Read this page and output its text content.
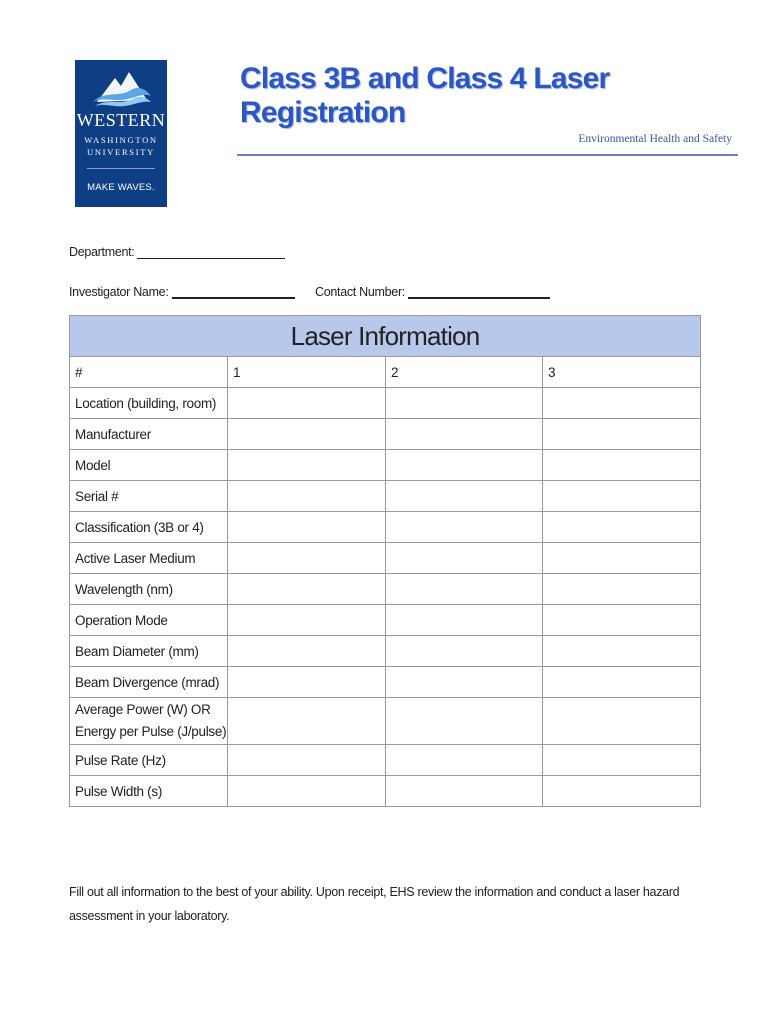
WESTERN
WASHINGTON
UNIVERSITY
MAKE WAVES.
Class 3B and Class 4 Laser Registration
Environmental Health and Safety
Department:
Investigator Name:	Contact Number:
Laser Information			
#	1	2	3
Location (building, room)			
Manufacturer			
Model			
Serial #			
Classification (3B or 4)			
Active Laser Medium			
Wavelength (nm)			
Operation Mode			
Beam Diameter (mm)			
Beam Divergence (mrad)			
Average Power (W) OR
Energy per Pulse (J/pulse)			
Pulse Rate (Hz)			
Pulse Width (s)			
Fill out all information to the best of your ability. Upon receipt, EHS review the information and conduct a laser hazard assessment in your laboratory.
